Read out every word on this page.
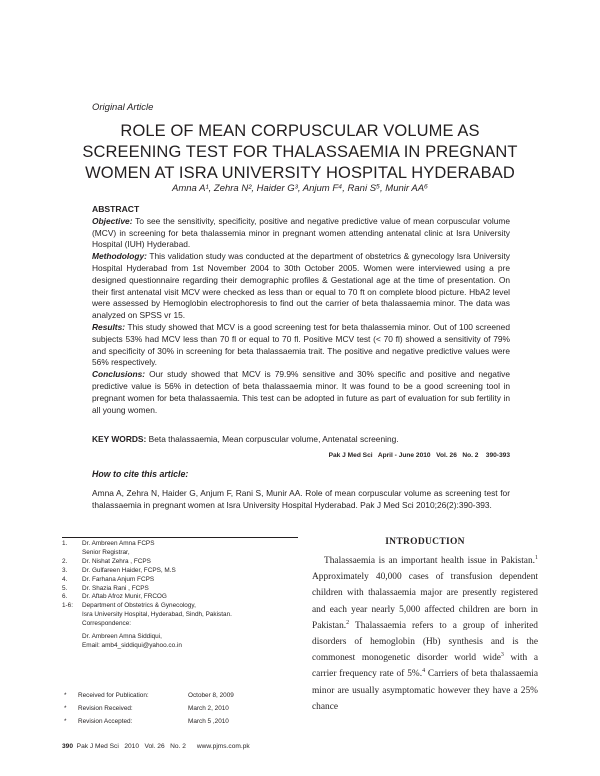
Original Article
ROLE OF MEAN CORPUSCULAR VOLUME AS
SCREENING TEST FOR THALASSAEMIA IN PREGNANT
WOMEN AT ISRA UNIVERSITY HOSPITAL HYDERABAD
Amna A¹, Zehra N², Haider G³, Anjum F⁴, Rani S⁵, Munir AA⁶
ABSTRACT

Objective: To see the sensitivity, specificity, positive and negative predictive value of mean corpuscular volume (MCV) in screening for beta thalassemia minor in pregnant women attending antenatal clinic at Isra University Hospital (IUH) Hyderabad.

Methodology: This validation study was conducted at the department of obstetrics & gynecology Isra University Hospital Hyderabad from 1st November 2004 to 30th October 2005. Women were interviewed using a pre designed questionnaire regarding their demographic profiles & Gestational age at the time of presentation. On their first antenatal visit MCV were checked as less than or equal to 70 ft on complete blood picture. HbA2 level were assessed by Hemoglobin electrophoresis to find out the carrier of beta thalassaemia minor. The data was analyzed on SPSS vr 15.

Results: This study showed that MCV is a good screening test for beta thalassemia minor. Out of 100 screened subjects 53% had MCV less than 70 fl or equal to 70 fl. Positive MCV test (< 70 fl) showed a sensitivity of 79% and specificity of 30% in screening for beta thalassaemia trait. The positive and negative predictive values were 56% respectively.

Conclusions: Our study showed that MCV is 79.9% sensitive and 30% specific and positive and negative predictive value is 56% in detection of beta thalassaemia minor. It was found to be a good screening tool in pregnant women for beta thalassaemia. This test can be adopted in future as part of evaluation for sub fertility in all young women.

KEY WORDS: Beta thalassaemia, Mean corpuscular volume, Antenatal screening.
Pak J Med Sci   April - June 2010   Vol. 26   No. 2    390-393
How to cite this article:
Amna A, Zehra N, Haider G, Anjum F, Rani S, Munir AA. Role of mean corpuscular volume as screening test for thalassaemia in pregnant women at Isra University Hospital Hyderabad. Pak J Med Sci 2010;26(2):390-393.
1.	Dr. Ambreen Amna FCPS
Senior Registrar,
2.	Dr. Nishat Zehra , FCPS
3.	Dr. Gulfareen Haider, FCPS, M.S
4.	Dr. Farhana Anjum FCPS
5.	Dr. Shazia Rani , FCPS
6.	Dr. Aftab Afroz Munir, FRCOG
1-6:	Department of Obstetrics & Gynecology,
Isra University Hospital, Hyderabad, Sindh, Pakistan.
Correspondence:
Dr. Ambreen Amna Siddiqui,
Email: amb4_siddiqui@yahoo.co.in
*	Received for Publication:	October 8, 2009
*	Revision Received:	March 2, 2010
*	Revision Accepted:	March 5 ,2010
390  Pak J Med Sci   2010   Vol. 26   No. 2      www.pjms.com.pk
INTRODUCTION

Thalassaemia is an important health issue in Pakistan.$^1$ Approximately 40,000 cases of transfusion dependent children with thalassaemia major are presently registered and each year nearly 5,000 affected children are born in Pakistan.$^2$ Thalassaemia refers to a group of inherited disorders of hemoglobin (Hb) synthesis and is the commonest monogenetic disorder world wide$^3$ with a carrier frequency rate of 5%.$^4$ Carriers of beta thalassaemia minor are usually asymptomatic however they have a 25% chance
